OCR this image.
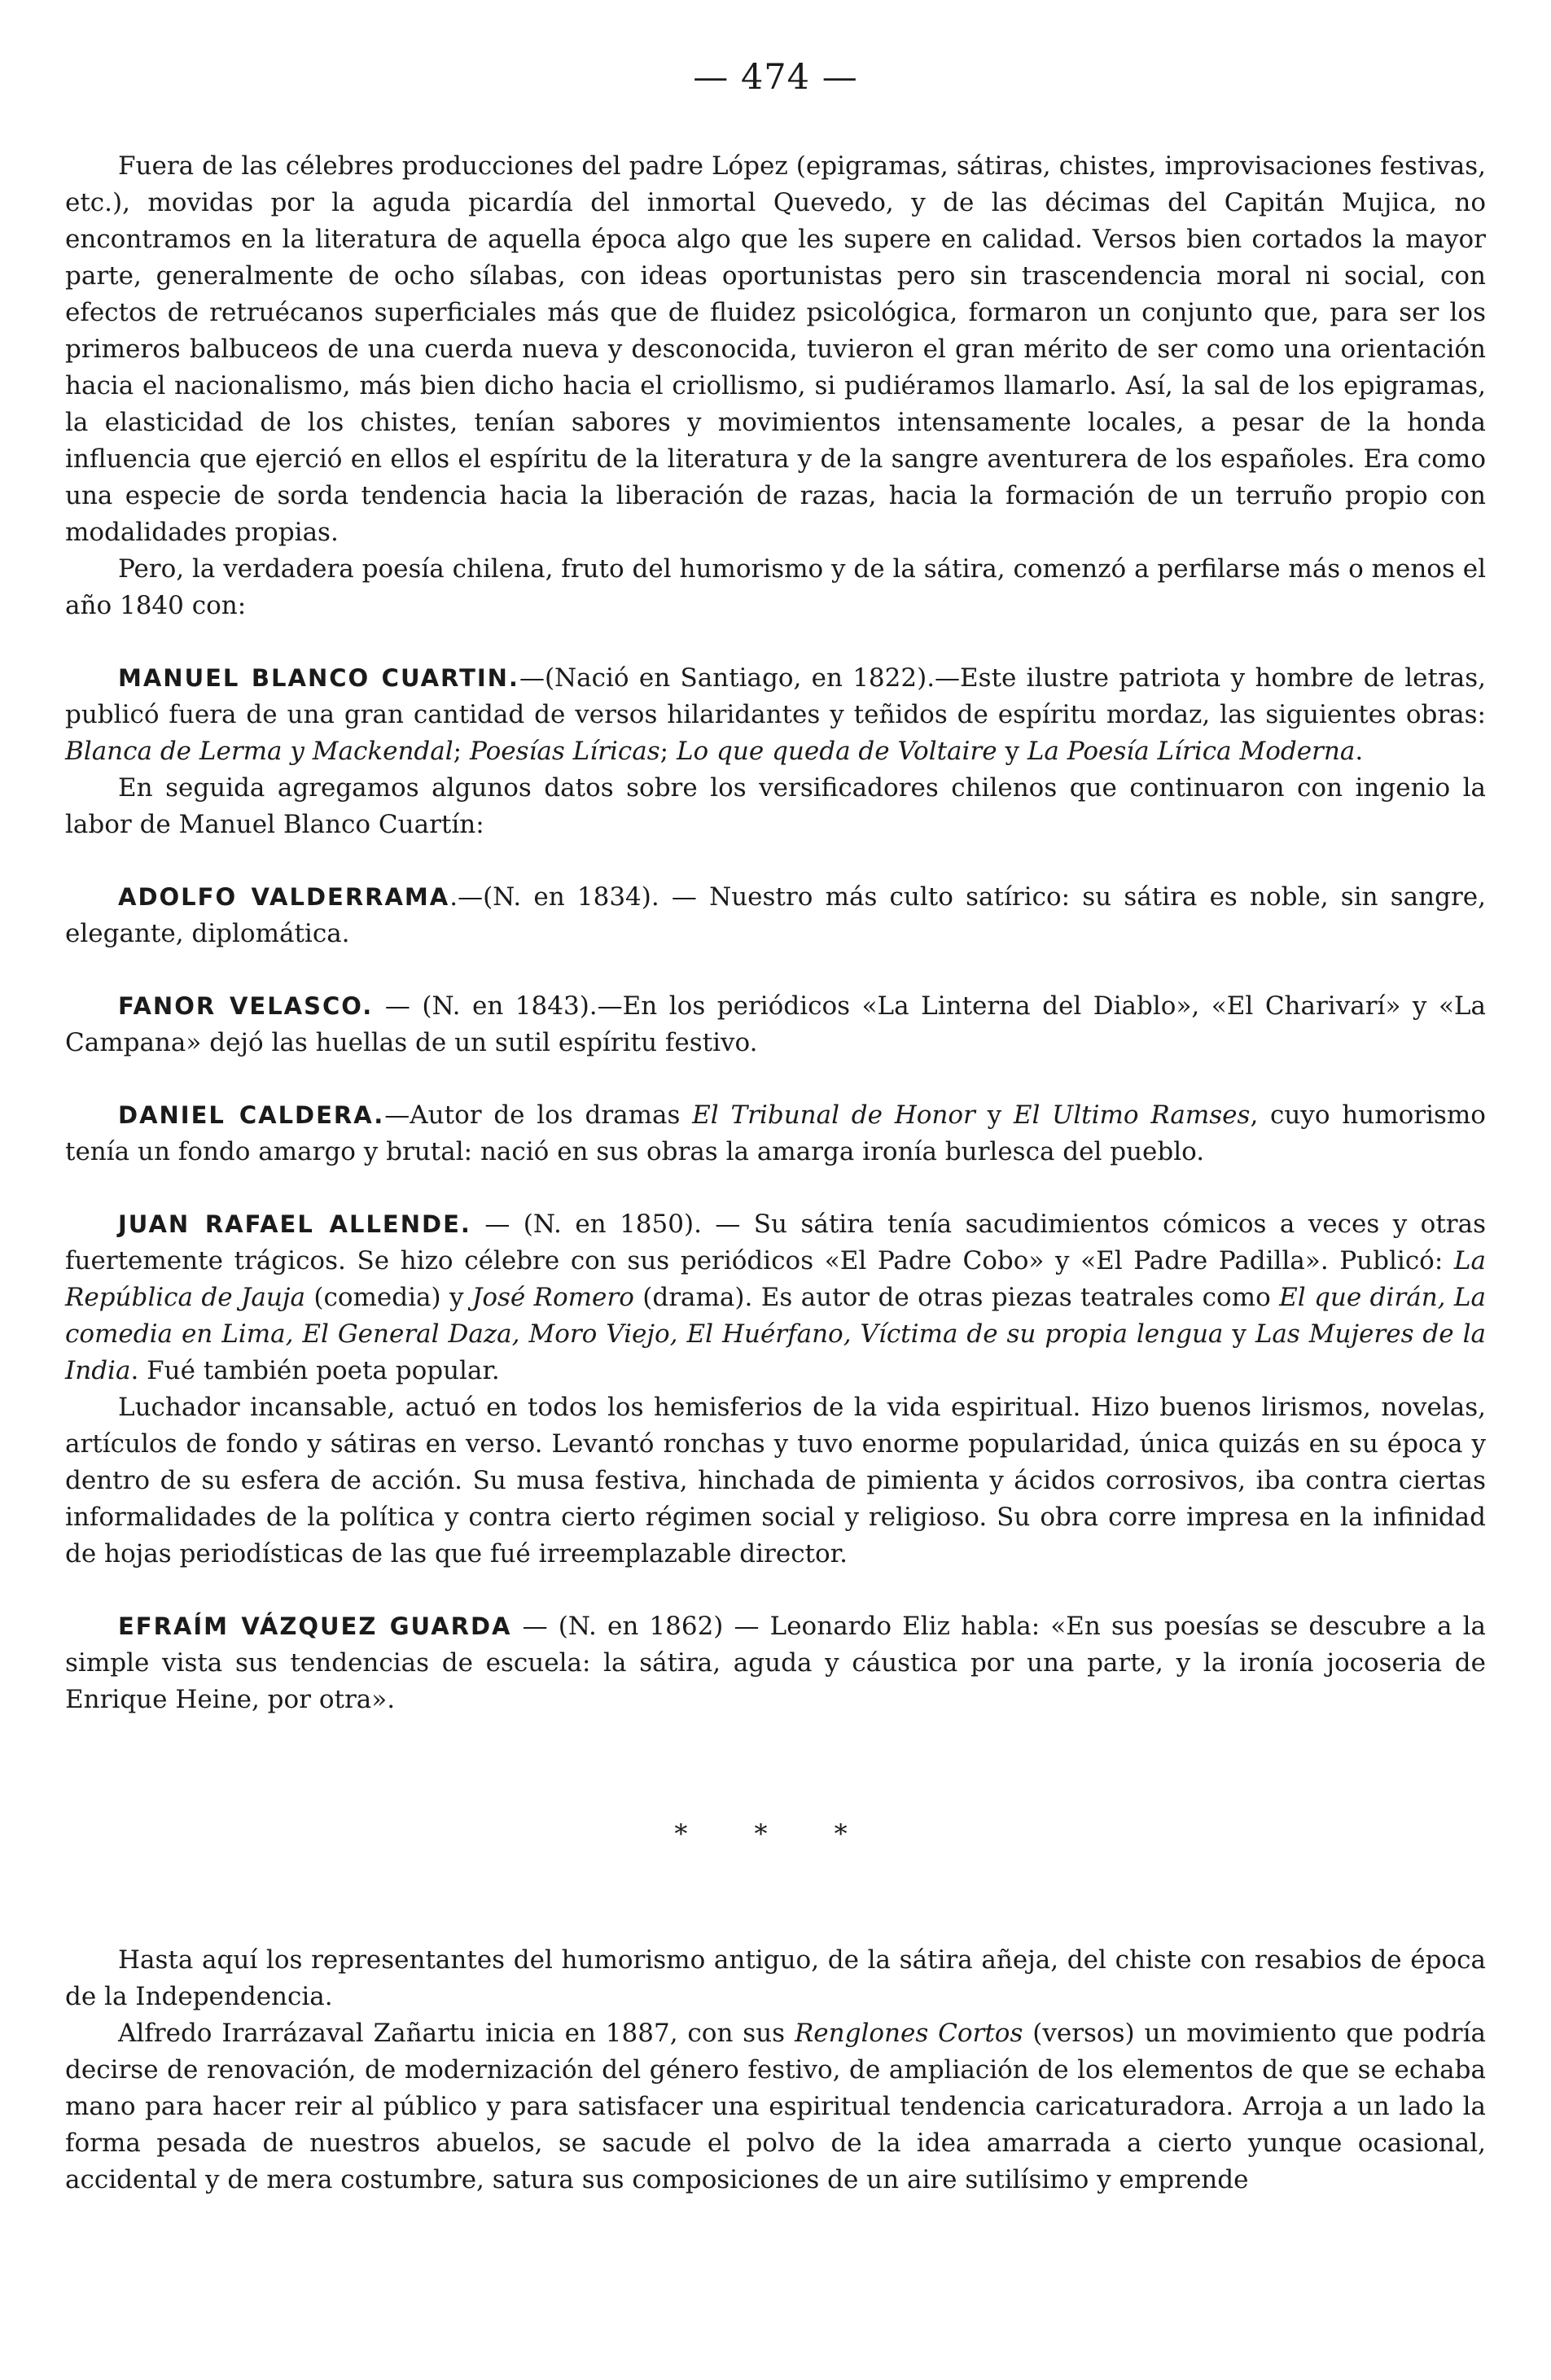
— 474 —

Fuera de las célebres producciones del padre López (epigramas, sátiras, chistes, improvisaciones festivas, etc.), movidas por la aguda picardía del inmortal Quevedo, y de las décimas del Capitán Mujica, no encontramos en la literatura de aquella época algo que les supere en calidad. Versos bien cortados la mayor parte, generalmente de ocho sílabas, con ideas oportunistas pero sin trascendencia moral ni social, con efectos de retruécanos superficiales más que de fluidez psicológica, formaron un conjunto que, para ser los primeros balbuceos de una cuerda nueva y desconocida, tuvieron el gran mérito de ser como una orientación hacia el nacionalismo, más bien dicho hacia el criollismo, si pudiéramos llamarlo. Así, la sal de los epigramas, la elasticidad de los chistes, tenían sabores y movimientos intensamente locales, a pesar de la honda influencia que ejerció en ellos el espíritu de la literatura y de la sangre aventurera de los españoles. Era como una especie de sorda tendencia hacia la liberación de razas, hacia la formación de un terruño propio con modalidades propias.

Pero, la verdadera poesía chilena, fruto del humorismo y de la sátira, comenzó a perfilarse más o menos el año 1840 con:

MANUEL BLANCO CUARTIN.—(Nació en Santiago, en 1822).—Este ilustre patriota y hombre de letras, publicó fuera de una gran cantidad de versos hilaridantes y teñidos de espíritu mordaz, las siguientes obras: Blanca de Lerma y Mackendal; Poesías Líricas; Lo que queda de Voltaire y La Poesía Lírica Moderna.

En seguida agregamos algunos datos sobre los versificadores chilenos que continuaron con ingenio la labor de Manuel Blanco Cuartín:

ADOLFO VALDERRAMA.—(N. en 1834). — Nuestro más culto satírico: su sátira es noble, sin sangre, elegante, diplomática.

FANOR VELASCO. — (N. en 1843).—En los periódicos «La Linterna del Diablo», «El Charivarí» y «La Campana» dejó las huellas de un sutil espíritu festivo.

DANIEL CALDERA.—Autor de los dramas El Tribunal de Honor y El Ultimo Ramses, cuyo humorismo tenía un fondo amargo y brutal: nació en sus obras la amarga ironía burlesca del pueblo.

JUAN RAFAEL ALLENDE. — (N. en 1850). — Su sátira tenía sacudimientos cómicos a veces y otras fuertemente trágicos. Se hizo célebre con sus periódicos «El Padre Cobo» y «El Padre Padilla». Publicó: La República de Jauja (comedia) y José Romero (drama). Es autor de otras piezas teatrales como El que dirán, La comedia en Lima, El General Daza, Moro Viejo, El Huérfano, Víctima de su propia lengua y Las Mujeres de la India. Fué también poeta popular.

Luchador incansable, actuó en todos los hemisferios de la vida espiritual. Hizo buenos lirismos, novelas, artículos de fondo y sátiras en verso. Levantó ronchas y tuvo enorme popularidad, única quizás en su época y dentro de su esfera de acción. Su musa festiva, hinchada de pimienta y ácidos corrosivos, iba contra ciertas informalidades de la política y contra cierto régimen social y religioso. Su obra corre impresa en la infinidad de hojas periodísticas de las que fué irreemplazable director.

EFRAÍM VÁZQUEZ GUARDA — (N. en 1862) — Leonardo Eliz habla: «En sus poesías se descubre a la simple vista sus tendencias de escuela: la sátira, aguda y cáustica por una parte, y la ironía jocoseria de Enrique Heine, por otra».

* * *

Hasta aquí los representantes del humorismo antiguo, de la sátira añeja, del chiste con resabios de época de la Independencia.

Alfredo Irarrázaval Zañartu inicia en 1887, con sus Renglones Cortos (versos) un movimiento que podría decirse de renovación, de modernización del género festivo, de ampliación de los elementos de que se echaba mano para hacer reir al público y para satisfacer una espiritual tendencia caricaturadora. Arroja a un lado la forma pesada de nuestros abuelos, se sacude el polvo de la idea amarrada a cierto yunque ocasional, accidental y de mera costumbre, satura sus composiciones de un aire sutilísimo y emprende
